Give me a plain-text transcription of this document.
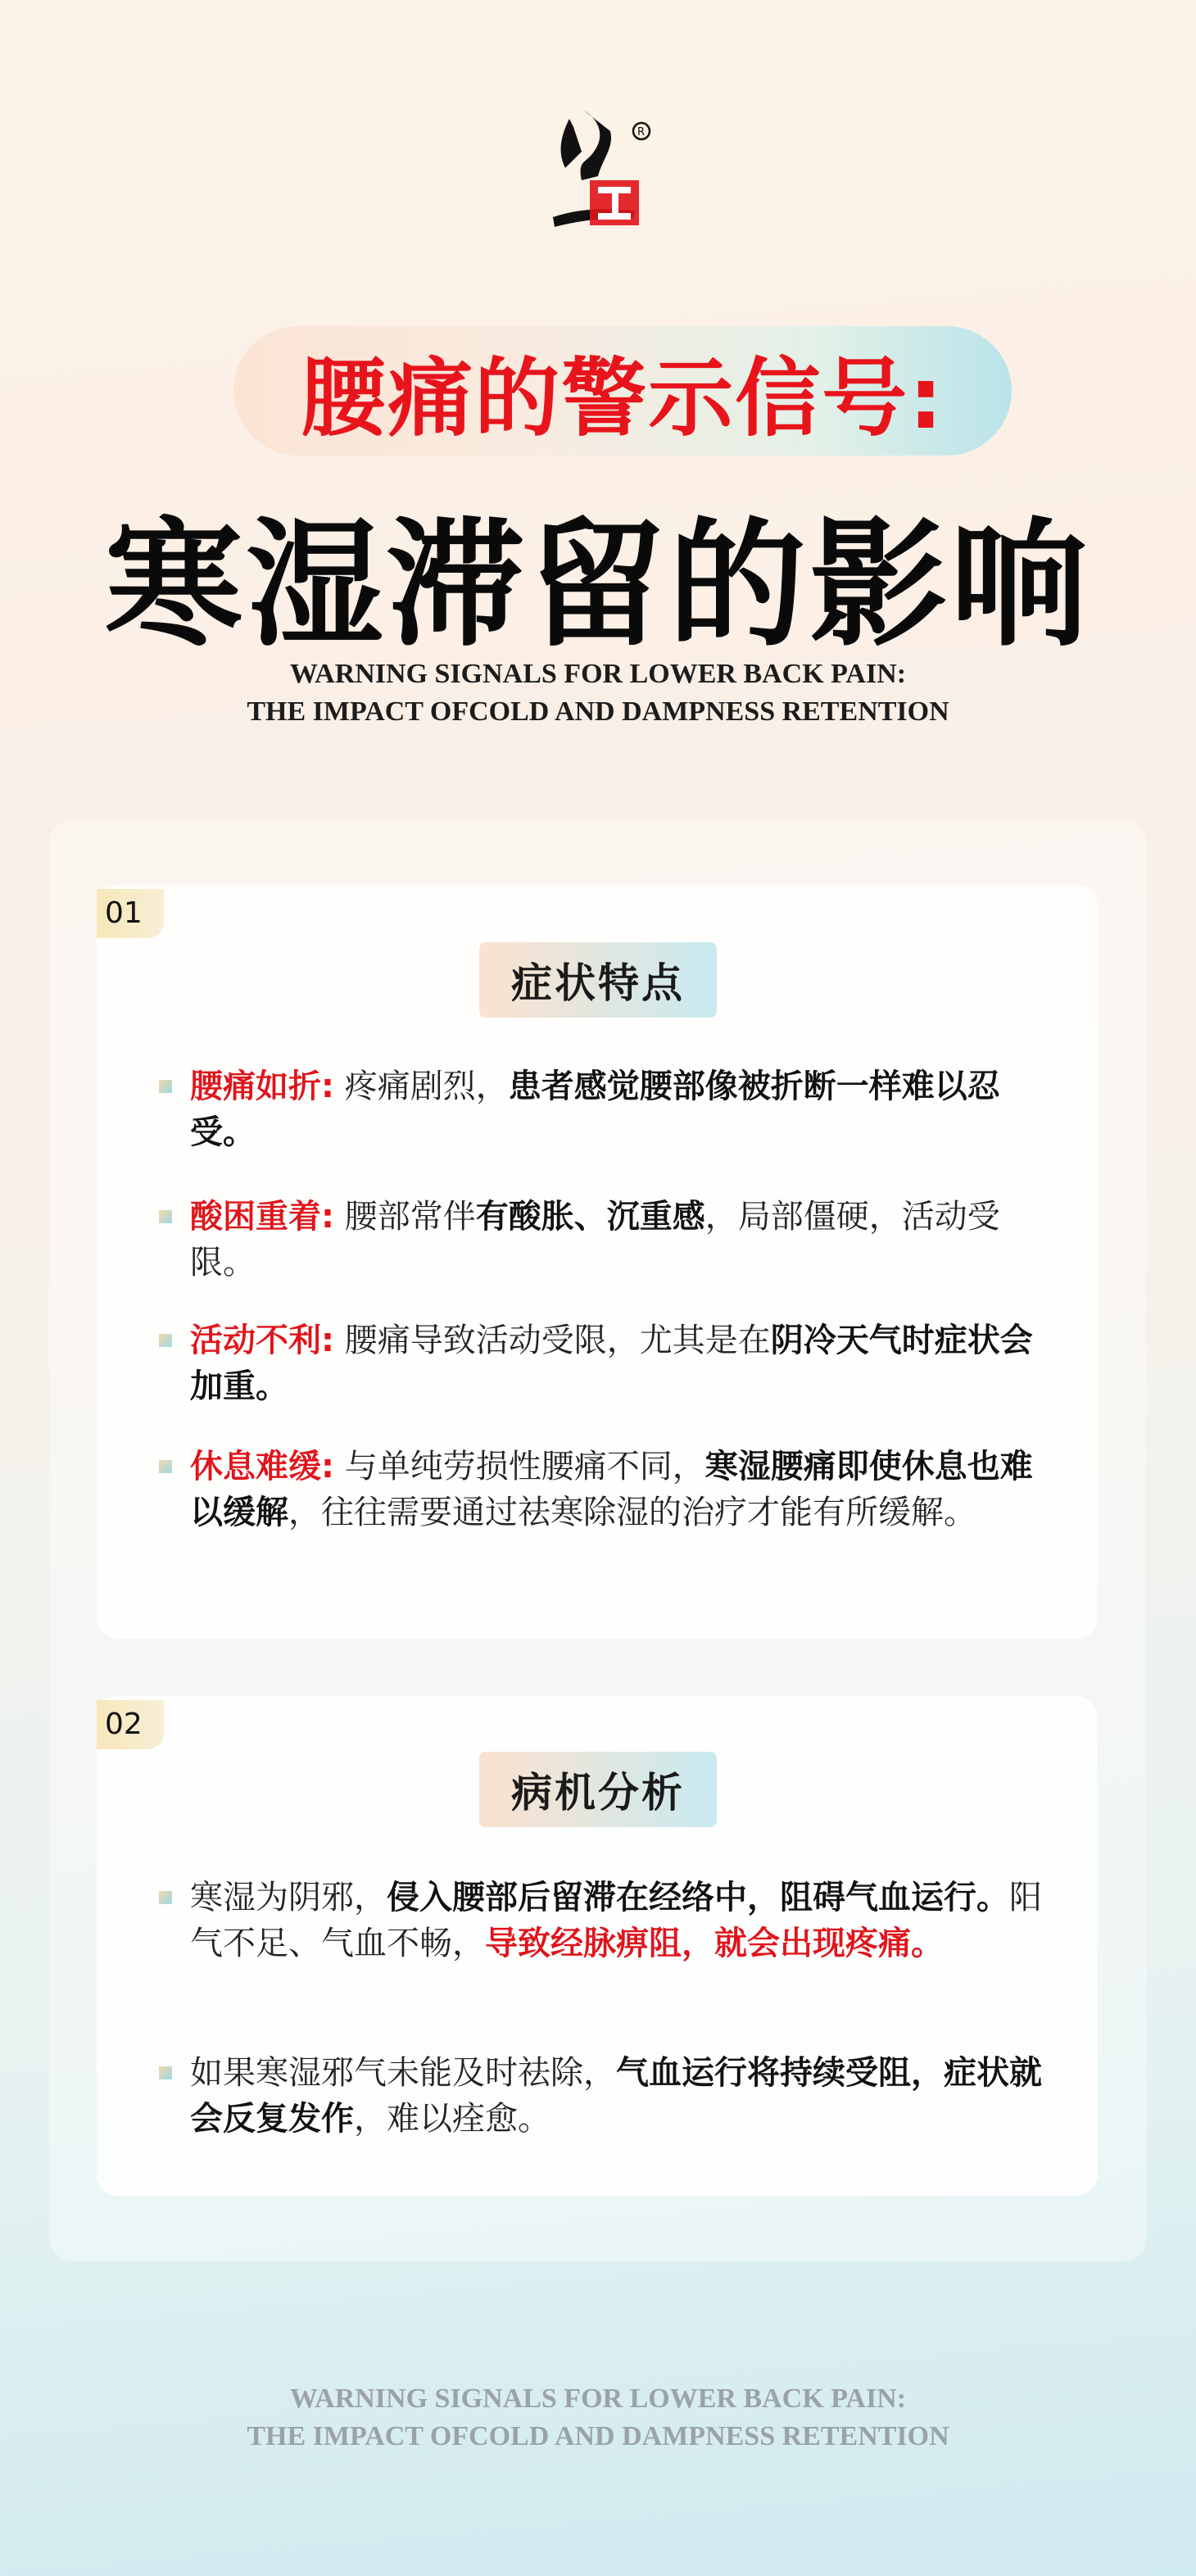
R
腰痛的警示信号:
寒湿滞留的影响
WARNING SIGNALS FOR LOWER BACK PAIN:
THE IMPACT OFCOLD AND DAMPNESS RETENTION
01
症状特点
腰痛如折: 疼痛剧烈，患者感觉腰部像被折断一样难以忍受。
酸困重着: 腰部常伴有酸胀、沉重感，局部僵硬，活动受限。
活动不利: 腰痛导致活动受限，尤其是在阴冷天气时症状会加重。
休息难缓: 与单纯劳损性腰痛不同，寒湿腰痛即使休息也难以缓解，往往需要通过祛寒除湿的治疗才能有所缓解。
02
病机分析
寒湿为阴邪，侵入腰部后留滞在经络中，阻碍气血运行。阳气不足、气血不畅，导致经脉痹阻，就会出现疼痛。
如果寒湿邪气未能及时祛除，气血运行将持续受阻，症状就会反复发作，难以痊愈。
WARNING SIGNALS FOR LOWER BACK PAIN:
THE IMPACT OFCOLD AND DAMPNESS RETENTION
